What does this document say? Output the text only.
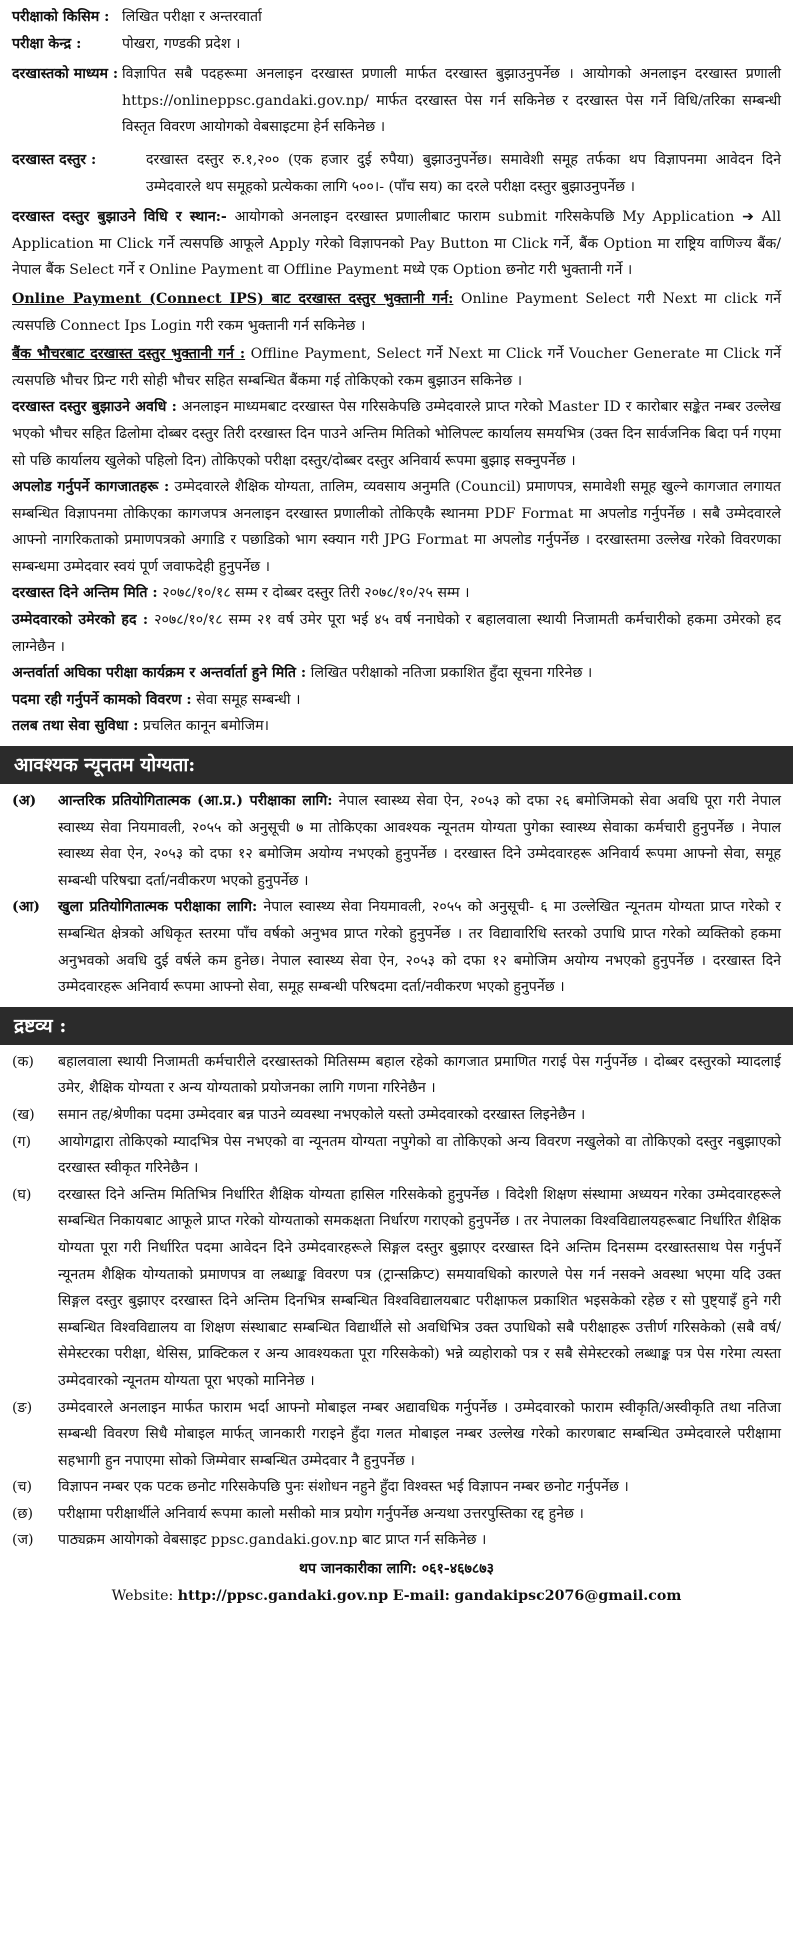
परीक्षाको किसिम : लिखित परीक्षा र अन्तरवार्ता
परीक्षा केन्द्र :	पोखरा, गण्डकी प्रदेश ।
दरखास्तको माध्यम : विज्ञापित सबै पदहरूमा अनलाइन दरखास्त प्रणाली मार्फत दरखास्त बुझाउनुपर्नेछ । आयोगको अनलाइन दरखास्त प्रणाली https://onlineppsc.gandaki.gov.np/ मार्फत दरखास्त पेस गर्न सकिनेछ र दरखास्त पेस गर्ने विधि/तरिका सम्बन्धी विस्तृत विवरण आयोगको वेबसाइटमा हेर्न सकिनेछ ।
दरखास्त दस्तुर :	दरखास्त दस्तुर रु.१,२०० (एक हजार दुई रुपैया) बुझाउनुपर्नेछ। समावेशी समूह तर्फका थप विज्ञापनमा आवेदन दिने उम्मेदवारले थप समूहको प्रत्येकका लागि ५००।- (पाँच सय) का दरले परीक्षा दस्तुर बुझाउनुपर्नेछ ।
दरखास्त दस्तुर बुझाउने विधि र स्थान:- आयोगको अनलाइन दरखास्त प्रणालीबाट फाराम submit गरिसकेपछि My Application ➔ All Application मा Click गर्ने त्यसपछि आफूले Apply गरेको विज्ञापनको Pay Button मा Click गर्ने, बैंक Option मा राष्ट्रिय वाणिज्य बैंक/नेपाल बैंक Select गर्ने र Online Payment वा Offline Payment मध्ये एक Option छनोट गरी भुक्तानी गर्ने ।
Online Payment (Connect IPS) बाट दरखास्त दस्तुर भुक्तानी गर्न: Online Payment Select गरी Next मा click गर्ने त्यसपछि Connect Ips Login गरी रकम भुक्तानी गर्न सकिनेछ ।
बैंक भौचरबाट दरखास्त दस्तुर भुक्तानी गर्न : Offline Payment, Select गर्ने Next मा Click गर्ने Voucher Generate मा Click गर्ने त्यसपछि भौचर प्रिन्ट गरी सोही भौचर सहित सम्बन्धित बैंकमा गई तोकिएको रकम बुझाउन सकिनेछ ।
दरखास्त दस्तुर बुझाउने अवधि : अनलाइन माध्यमबाट दरखास्त पेस गरिसकेपछि उम्मेदवारले प्राप्त गरेको Master ID र कारोबार सङ्केत नम्बर उल्लेख भएको भौचर सहित ढिलोमा दोब्बर दस्तुर तिरी दरखास्त दिन पाउने अन्तिम मितिको भोलिपल्ट कार्यालय समयभित्र (उक्त दिन सार्वजनिक बिदा पर्न गएमा सो पछि कार्यालय खुलेको पहिलो दिन) तोकिएको परीक्षा दस्तुर/दोब्बर दस्तुर अनिवार्य रूपमा बुझाइ सक्नुपर्नेछ ।
अपलोड गर्नुपर्ने कागजातहरू : उम्मेदवारले शैक्षिक योग्यता, तालिम, व्यवसाय अनुमति (Council) प्रमाणपत्र, समावेशी समूह खुल्ने कागजात लगायत सम्बन्धित विज्ञापनमा तोकिएका कागजपत्र अनलाइन दरखास्त प्रणालीको तोकिएकै स्थानमा PDF Format मा अपलोड गर्नुपर्नेछ । सबै उम्मेदवारले आफ्नो नागरिकताको प्रमाणपत्रको अगाडि र पछाडिको भाग स्क्यान गरी JPG Format मा अपलोड गर्नुपर्नेछ । दरखास्तमा उल्लेख गरेको विवरणका सम्बन्धमा उम्मेदवार स्वयं पूर्ण जवाफदेही हुनुपर्नेछ ।
दरखास्त दिने अन्तिम मिति : २०७८/१०/१८ सम्म र दोब्बर दस्तुर तिरी २०७८/१०/२५ सम्म ।
उम्मेदवारको उमेरको हद : २०७८/१०/१८ सम्म २१ वर्ष उमेर पूरा भई ४५ वर्ष ननाघेको र बहालवाला स्थायी निजामती कर्मचारीको हकमा उमेरको हद लाग्नेछैन ।
अन्तर्वार्ता अघिका परीक्षा कार्यक्रम र अन्तर्वार्ता हुने मिति : लिखित परीक्षाको नतिजा प्रकाशित हुँदा सूचना गरिनेछ ।
पदमा रही गर्नुपर्ने कामको विवरण : सेवा समूह सम्बन्धी ।
तलब तथा सेवा सुविधा : प्रचलित कानून बमोजिम।
आवश्यक न्यूनतम योग्यता:
(अ)	आन्तरिक प्रतियोगितात्मक (आ.प्र.) परीक्षाका लागि: नेपाल स्वास्थ्य सेवा ऐन, २०५३ को दफा २६ बमोजिमको सेवा अवधि पूरा गरी नेपाल स्वास्थ्य सेवा नियमावली, २०५५ को अनुसूची ७ मा तोकिएका आवश्यक न्यूनतम योग्यता पुगेका स्वास्थ्य सेवाका कर्मचारी हुनुपर्नेछ । नेपाल स्वास्थ्य सेवा ऐन, २०५३ को दफा १२ बमोजिम अयोग्य नभएको हुनुपर्नेछ । दरखास्त दिने उम्मेदवारहरू अनिवार्य रूपमा आफ्नो सेवा, समूह सम्बन्धी परिषद्मा दर्ता/नवीकरण भएको हुनुपर्नेछ ।
(आ)	खुला प्रतियोगितात्मक परीक्षाका लागि: नेपाल स्वास्थ्य सेवा नियमावली, २०५५ को अनुसूची- ६ मा उल्लेखित न्यूनतम योग्यता प्राप्त गरेको र सम्बन्धित क्षेत्रको अधिकृत स्तरमा पाँच वर्षको अनुभव प्राप्त गरेको हुनुपर्नेछ । तर विद्यावारिधि स्तरको उपाधि प्राप्त गरेको व्यक्तिको हकमा अनुभवको अवधि दुई वर्षले कम हुनेछ। नेपाल स्वास्थ्य सेवा ऐन, २०५३ को दफा १२ बमोजिम अयोग्य नभएको हुनुपर्नेछ । दरखास्त दिने उम्मेदवारहरू अनिवार्य रूपमा आफ्नो सेवा, समूह सम्बन्धी परिषदमा दर्ता/नवीकरण भएको हुनुपर्नेछ ।
द्रष्टव्य :
(क)	बहालवाला स्थायी निजामती कर्मचारीले दरखास्तको मितिसम्म बहाल रहेको कागजात प्रमाणित गराई पेस गर्नुपर्नेछ । दोब्बर दस्तुरको म्यादलाई उमेर, शैक्षिक योग्यता र अन्य योग्यताको प्रयोजनका लागि गणना गरिनेछैन ।
(ख)	समान तह/श्रेणीका पदमा उम्मेदवार बन्न पाउने व्यवस्था नभएकोले यस्तो उम्मेदवारको दरखास्त लिइनेछैन ।
(ग)	आयोगद्वारा तोकिएको म्यादभित्र पेस नभएको वा न्यूनतम योग्यता नपुगेको वा तोकिएको अन्य विवरण नखुलेको वा तोकिएको दस्तुर नबुझाएको दरखास्त स्वीकृत गरिनेछैन ।
(घ)	दरखास्त दिने अन्तिम मितिभित्र निर्धारित शैक्षिक योग्यता हासिल गरिसकेको हुनुपर्नेछ । विदेशी शिक्षण संस्थामा अध्ययन गरेका उम्मेदवारहरूले सम्बन्धित निकायबाट आफूले प्राप्त गरेको योग्यताको समकक्षता निर्धारण गराएको हुनुपर्नेछ । तर नेपालका विश्वविद्यालयहरूबाट निर्धारित शैक्षिक योग्यता पूरा गरी निर्धारित पदमा आवेदन दिने उम्मेदवारहरूले सिङ्गल दस्तुर बुझाएर दरखास्त दिने अन्तिम दिनसम्म दरखास्तसाथ पेस गर्नुपर्ने न्यूनतम शैक्षिक योग्यताको प्रमाणपत्र वा लब्धाङ्क विवरण पत्र (ट्रान्सक्रिप्ट) समयावधिको कारणले पेस गर्न नसक्ने अवस्था भएमा यदि उक्त सिङ्गल दस्तुर बुझाएर दरखास्त दिने अन्तिम दिनभित्र सम्बन्धित विश्वविद्यालयबाट परीक्षाफल प्रकाशित भइसकेको रहेछ र सो पुष्ट्याइँ हुने गरी सम्बन्धित विश्वविद्यालय वा शिक्षण संस्थाबाट सम्बन्धित विद्यार्थीले सो अवधिभित्र उक्त उपाधिको सबै परीक्षाहरू उत्तीर्ण गरिसकेको (सबै वर्ष/सेमेस्टरका परीक्षा, थेसिस, प्राक्टिकल र अन्य आवश्यकता पूरा गरिसकेको) भन्ने व्यहोराको पत्र र सबै सेमेस्टरको लब्धाङ्क पत्र पेस गरेमा त्यस्ता उम्मेदवारको न्यूनतम योग्यता पूरा भएको मानिनेछ ।
(ङ)	उम्मेदवारले अनलाइन मार्फत फाराम भर्दा आफ्नो मोबाइल नम्बर अद्यावधिक गर्नुपर्नेछ । उम्मेदवारको फाराम स्वीकृति/अस्वीकृति तथा नतिजा सम्बन्धी विवरण सिधै मोबाइल मार्फत् जानकारी गराइने हुँदा गलत मोबाइल नम्बर उल्लेख गरेको कारणबाट सम्बन्धित उम्मेदवारले परीक्षामा सहभागी हुन नपाएमा सोको जिम्मेवार सम्बन्धित उम्मेदवार नै हुनुपर्नेछ ।
(च)	विज्ञापन नम्बर एक पटक छनोट गरिसकेपछि पुनः संशोधन नहुने हुँदा विश्वस्त भई विज्ञापन नम्बर छनोट गर्नुपर्नेछ ।
(छ)	परीक्षामा परीक्षार्थीले अनिवार्य रूपमा कालो मसीको मात्र प्रयोग गर्नुपर्नेछ अन्यथा उत्तरपुस्तिका रद्द हुनेछ ।
(ज)	पाठ्यक्रम आयोगको वेबसाइट ppsc.gandaki.gov.np बाट प्राप्त गर्न सकिनेछ ।
थप जानकारीका लागि: ०६१-४६७८७३
Website: http://ppsc.gandaki.gov.np E-mail: gandakipsc2076@gmail.com
